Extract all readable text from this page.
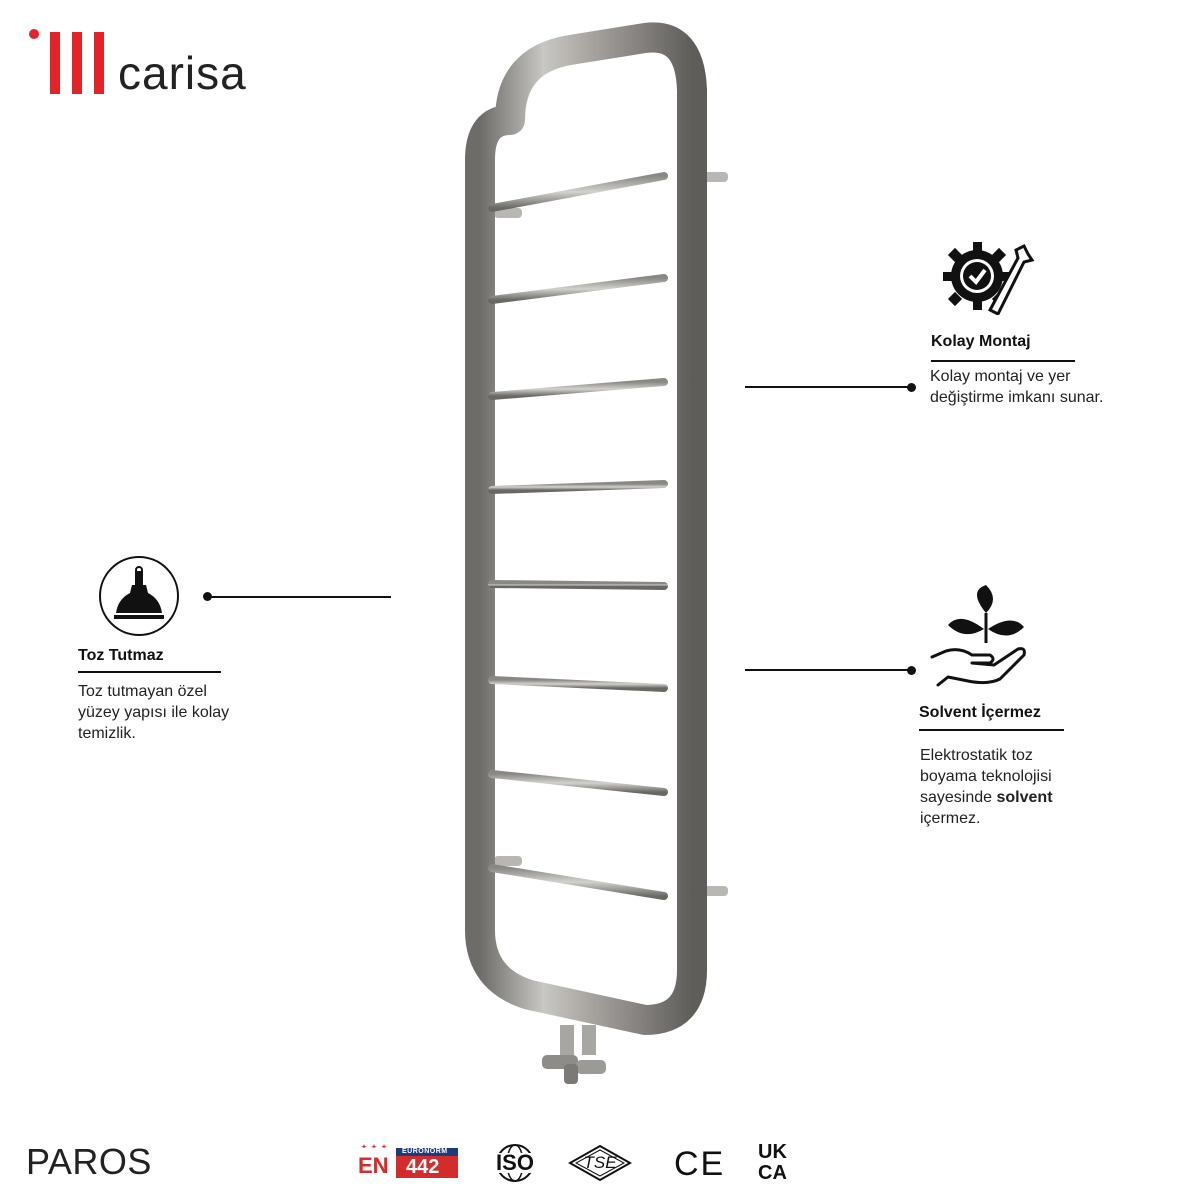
carisa
Kolay Montaj
Kolay montaj ve yer
değiştirme imkanı sunar.
Toz Tutmaz
Toz tutmayan özel
yüzey yapısı ile kolay
temizlik.
Solvent İçermez
Elektrostatik toz
boyama teknolojisi
sayesinde solvent
içermez.
PAROS	EN
EURONORM
442	ISO	TSE	CE UK
CA
